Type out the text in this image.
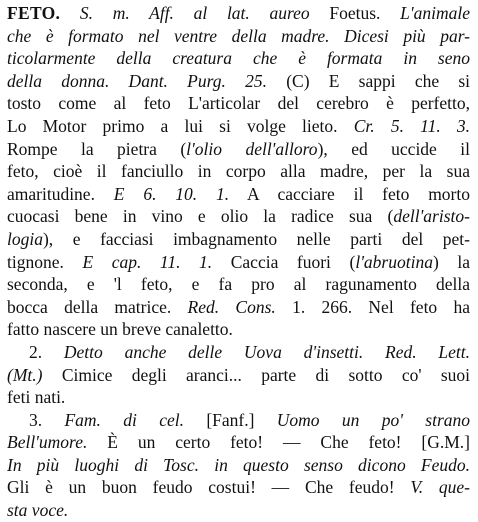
FETO. S. m. Aff. al lat. aureo Foetus. L'animale
che è formato nel ventre della madre. Dicesi più par-
ticolarmente della creatura che è formata in seno
della donna. Dant. Purg. 25. (C) E sappi che si
tosto come al feto L'articolar del cerebro è perfetto,
Lo Motor primo a lui si volge lieto. Cr. 5. 11. 3.
Rompe la pietra (l'olio dell'alloro), ed uccide il
feto, cioè il fanciullo in corpo alla madre, per la sua
amaritudine. E 6. 10. 1. A cacciare il feto morto
cuocasi bene in vino e olio la radice sua (dell'aristo-
logia), e facciasi imbagnamento nelle parti del pet-
tignone. E cap. 11. 1. Caccia fuori (l'abruotina) la
seconda, e 'l feto, e fa pro al ragunamento della
bocca della matrice. Red. Cons. 1. 266. Nel feto ha
fatto nascere un breve canaletto.
2. Detto anche delle Uova d'insetti. Red. Lett.
(Mt.) Cimice degli aranci... parte di sotto co' suoi
feti nati.
3. Fam. di cel. [Fanf.] Uomo un po' strano
Bell'umore. È un certo feto! — Che feto! [G.M.]
In più luoghi di Tosc. in questo senso dicono Feudo.
Gli è un buon feudo costui! — Che feudo! V. que-
sta voce.
